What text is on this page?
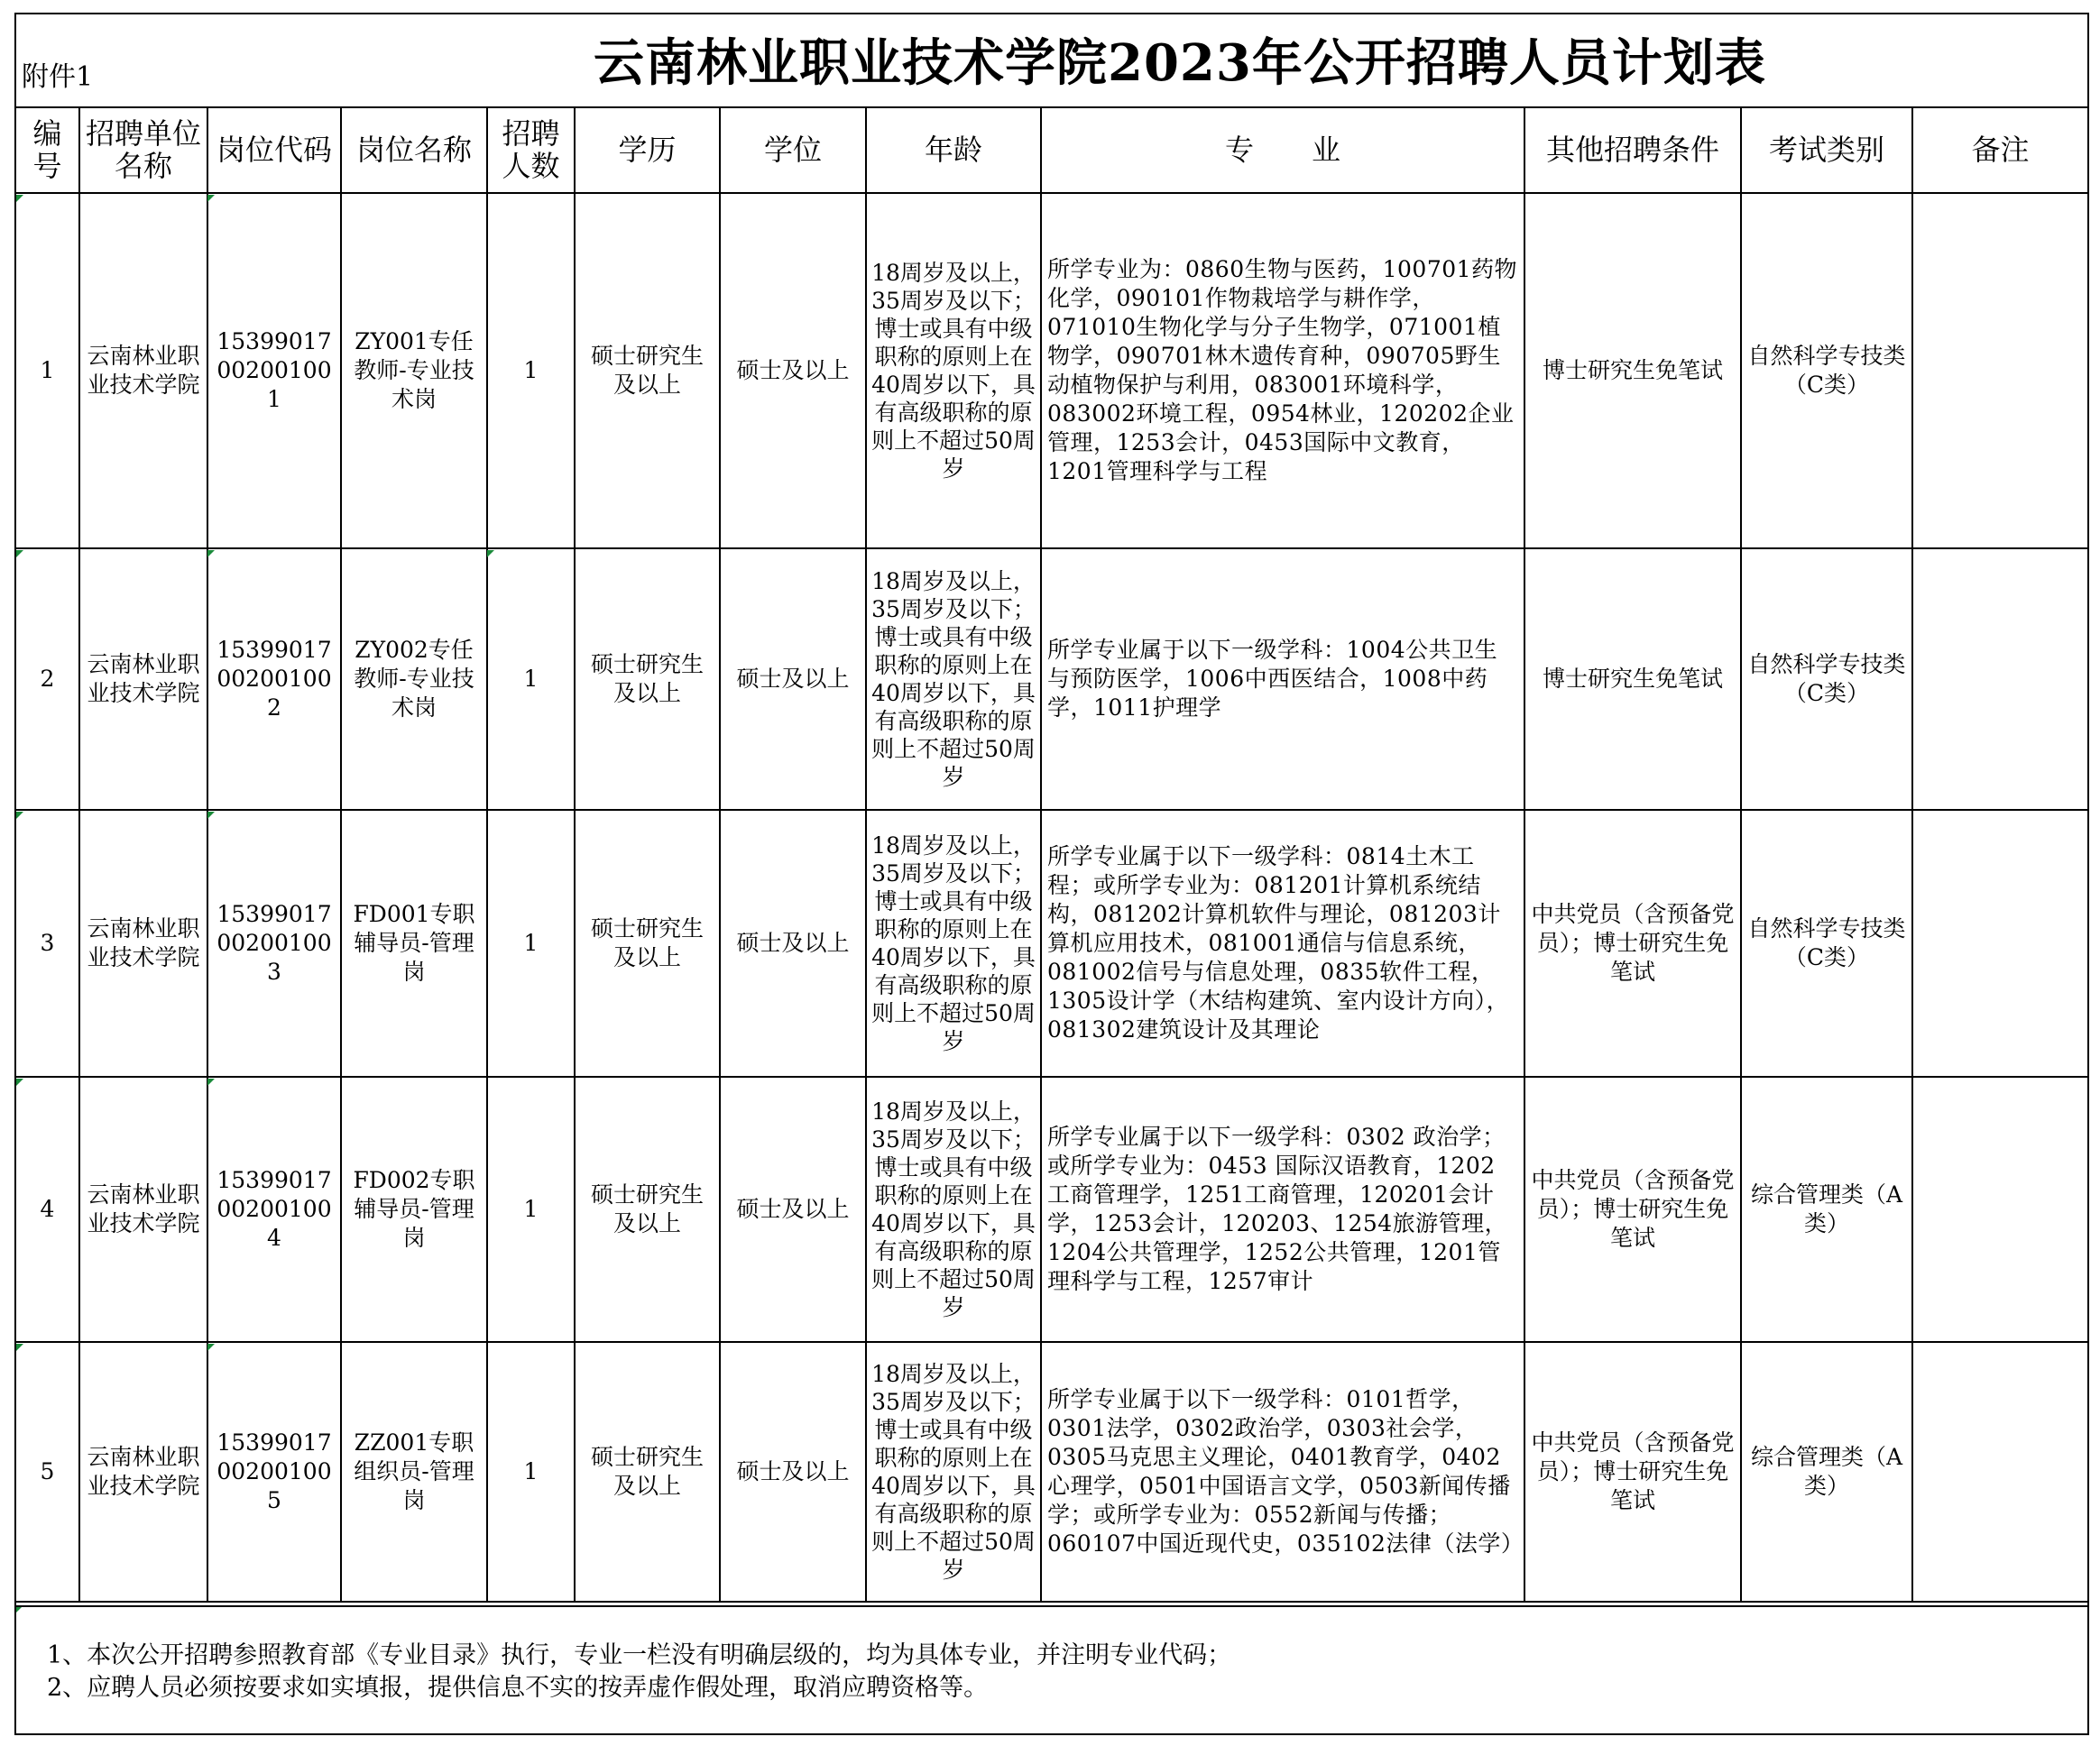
附件1	云南林业职业技术学院2023年公开招聘人员计划表
编号	招聘单位名称	岗位代码	岗位名称	招聘人数	学历	学位	年龄	专　　业	其他招聘条件	考试类别	备注
1	云南林业职业技术学院	15399017002001001	ZY001专任教师-专业技术岗	1	硕士研究生及以上	硕士及以上	18周岁及以上，35周岁及以下；博士或具有中级职称的原则上在40周岁以下，具有高级职称的原则上不超过50周岁	所学专业为：0860生物与医药，100701药物化学，090101作物栽培学与耕作学，071010生物化学与分子生物学，071001植物学，090701林木遗传育种，090705野生动植物保护与利用，083001环境科学，083002环境工程，0954林业，120202企业管理，1253会计，0453国际中文教育，1201管理科学与工程	博士研究生免笔试	自然科学专技类（C类）	
2	云南林业职业技术学院	15399017002001002	ZY002专任教师-专业技术岗	1	硕士研究生及以上	硕士及以上	18周岁及以上，35周岁及以下；博士或具有中级职称的原则上在40周岁以下，具有高级职称的原则上不超过50周岁	所学专业属于以下一级学科：1004公共卫生与预防医学，1006中西医结合，1008中药学，1011护理学	博士研究生免笔试	自然科学专技类（C类）	
3	云南林业职业技术学院	15399017002001003	FD001专职辅导员-管理岗	1	硕士研究生及以上	硕士及以上	18周岁及以上，35周岁及以下；博士或具有中级职称的原则上在40周岁以下，具有高级职称的原则上不超过50周岁	所学专业属于以下一级学科：0814土木工程；或所学专业为：081201计算机系统结构，081202计算机软件与理论，081203计算机应用技术，081001通信与信息系统，081002信号与信息处理，0835软件工程，1305设计学（木结构建筑、室内设计方向），081302建筑设计及其理论	中共党员（含预备党员）；博士研究生免笔试	自然科学专技类（C类）	
4	云南林业职业技术学院	15399017002001004	FD002专职辅导员-管理岗	1	硕士研究生及以上	硕士及以上	18周岁及以上，35周岁及以下；博士或具有中级职称的原则上在40周岁以下，具有高级职称的原则上不超过50周岁	所学专业属于以下一级学科：0302 政治学；或所学专业为：0453 国际汉语教育，1202工商管理学，1251工商管理，120201会计学，1253会计，120203、1254旅游管理，1204公共管理学，1252公共管理，1201管理科学与工程，1257审计	中共党员（含预备党员）；博士研究生免笔试	综合管理类（A类）	
5	云南林业职业技术学院	15399017002001005	ZZ001专职组织员-管理岗	1	硕士研究生及以上	硕士及以上	18周岁及以上，35周岁及以下；博士或具有中级职称的原则上在40周岁以下，具有高级职称的原则上不超过50周岁	所学专业属于以下一级学科：0101哲学，0301法学，0302政治学，0303社会学，0305马克思主义理论，0401教育学，0402心理学，0501中国语言文学，0503新闻传播学；或所学专业为：0552新闻与传播；060107中国近现代史，035102法律（法学）	中共党员（含预备党员）；博士研究生免笔试	综合管理类（A类）	
1、本次公开招聘参照教育部《专业目录》执行，专业一栏没有明确层级的，均为具体专业，并注明专业代码；
2、应聘人员必须按要求如实填报，提供信息不实的按弄虚作假处理，取消应聘资格等。
